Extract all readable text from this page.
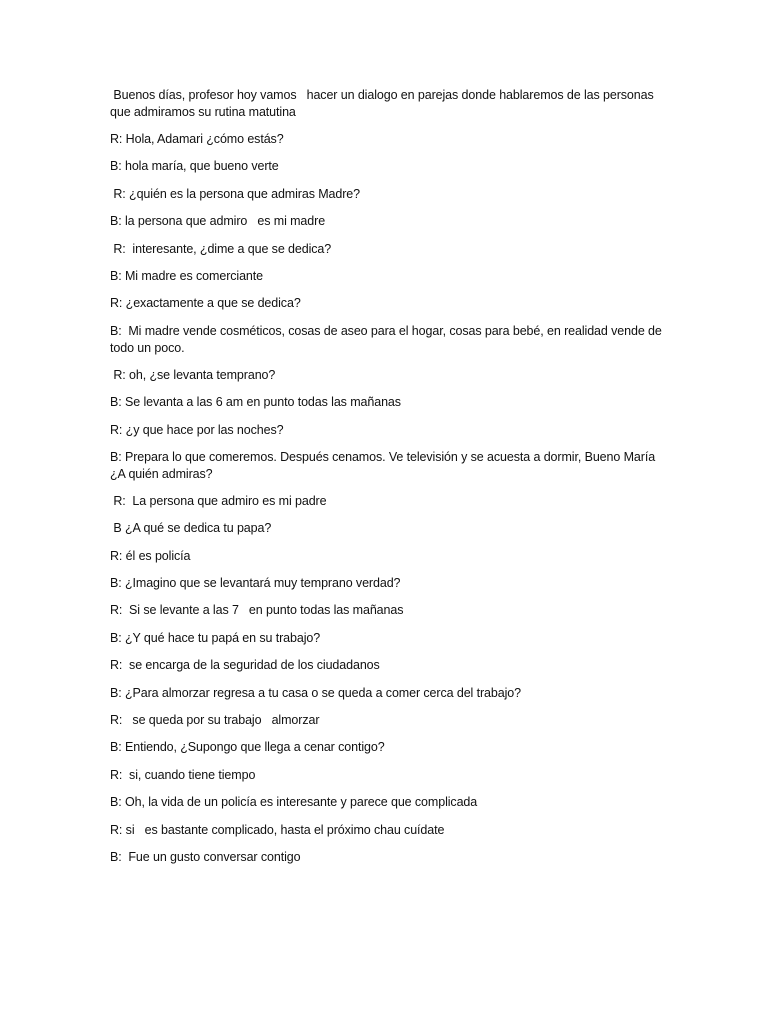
Buenos días, profesor hoy vamos   hacer un dialogo en parejas donde hablaremos de las personas que admiramos su rutina matutina

R: Hola, Adamari ¿cómo estás?

B: hola maría, que bueno verte

R: ¿quién es la persona que admiras Madre?

B: la persona que admiro   es mi madre

R:  interesante, ¿dime a que se dedica?

B: Mi madre es comerciante

R: ¿exactamente a que se dedica?

B:  Mi madre vende cosméticos, cosas de aseo para el hogar, cosas para bebé, en realidad vende de todo un poco.

R: oh, ¿se levanta temprano?

B: Se levanta a las 6 am en punto todas las mañanas

R: ¿y que hace por las noches?

B: Prepara lo que comeremos. Después cenamos. Ve televisión y se acuesta a dormir, Bueno María ¿A quién admiras?

R:  La persona que admiro es mi padre

B ¿A qué se dedica tu papa?

R: él es policía

B: ¿Imagino que se levantará muy temprano verdad?

R:  Si se levante a las 7   en punto todas las mañanas

B: ¿Y qué hace tu papá en su trabajo?

R:  se encarga de la seguridad de los ciudadanos

B: ¿Para almorzar regresa a tu casa o se queda a comer cerca del trabajo?

R:   se queda por su trabajo   almorzar

B: Entiendo, ¿Supongo que llega a cenar contigo?

R:  si, cuando tiene tiempo

B: Oh, la vida de un policía es interesante y parece que complicada

R: si   es bastante complicado, hasta el próximo chau cuídate

B:  Fue un gusto conversar contigo
